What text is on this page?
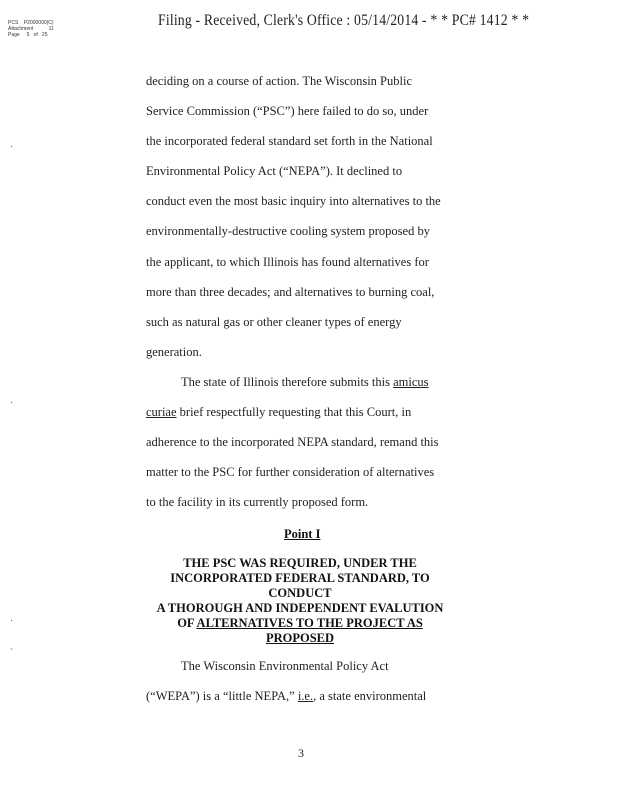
PCS    P2000000(C)
Attachment           11
Page     5   of   25
Filing - Received, Clerk's Office : 05/14/2014 - * * PC# 1412 * *
·
·
·
`
deciding on a course of action. The Wisconsin Public
Service Commission (“PSC”) here failed to do so, under
the incorporated federal standard set forth in the National
Environmental Policy Act (“NEPA”). It declined to
conduct even the most basic inquiry into alternatives to the
environmentally-destructive cooling system proposed by
the applicant, to which Illinois has found alternatives for
more than three decades; and alternatives to burning coal,
such as natural gas or other cleaner types of energy
generation.
The state of Illinois therefore submits this amicus
curiae brief respectfully requesting that this Court, in
adherence to the incorporated NEPA standard, remand this
matter to the PSC for further consideration of alternatives
to the facility in its currently proposed form.
Point I
THE PSC WAS REQUIRED, UNDER THE
INCORPORATED FEDERAL STANDARD, TO
CONDUCT
A THOROUGH AND INDEPENDENT EVALUTION
OF ALTERNATIVES TO THE PROJECT AS
PROPOSED
The Wisconsin Environmental Policy Act
(“WEPA”) is a “little NEPA,” i.e., a state environmental
3
